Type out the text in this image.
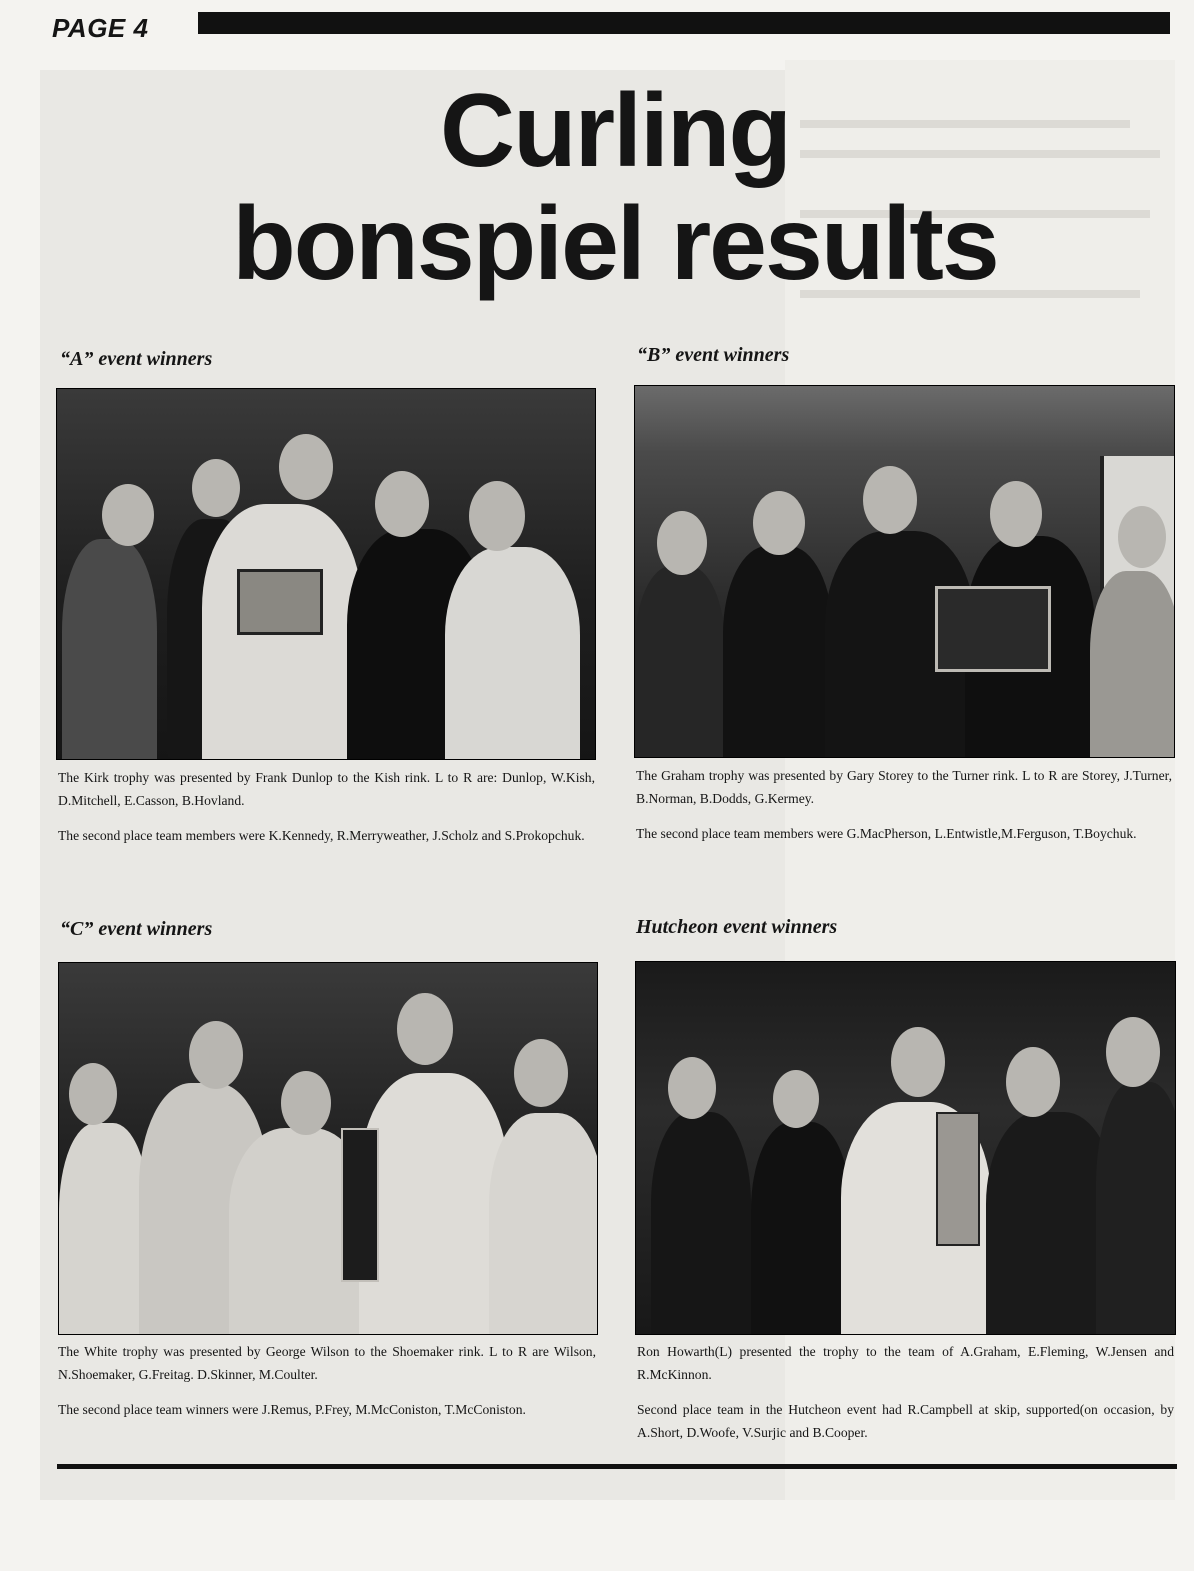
PAGE 4
Curling
bonspiel results
“A” event winners
The Kirk trophy was presented by Frank Dunlop to the Kish rink. L to R are: Dunlop, W.Kish, D.Mitchell, E.Casson, B.Hovland.
The second place team members were K.Kennedy, R.Merryweather, J.Scholz and S.Prokopchuk.
“B” event winners
The Graham trophy was presented by Gary Storey to the Turner rink. L to R are Storey, J.Turner, B.Norman, B.Dodds, G.Kermey.
The second place team members were G.MacPherson, L.Entwistle,M.Ferguson, T.Boychuk.
“C” event winners
The White trophy was presented by George Wilson to the Shoemaker rink. L to R are Wilson, N.Shoemaker, G.Freitag. D.Skinner, M.Coulter.
The second place team winners were J.Remus, P.Frey, M.McConiston, T.McConiston.
Hutcheon event winners
Ron Howarth(L) presented the trophy to the team of A.Graham, E.Fleming, W.Jensen and R.McKinnon.
Second place team in the Hutcheon event had R.Campbell at skip, supported(on occasion, by A.Short, D.Woofe, V.Surjic and B.Cooper.
